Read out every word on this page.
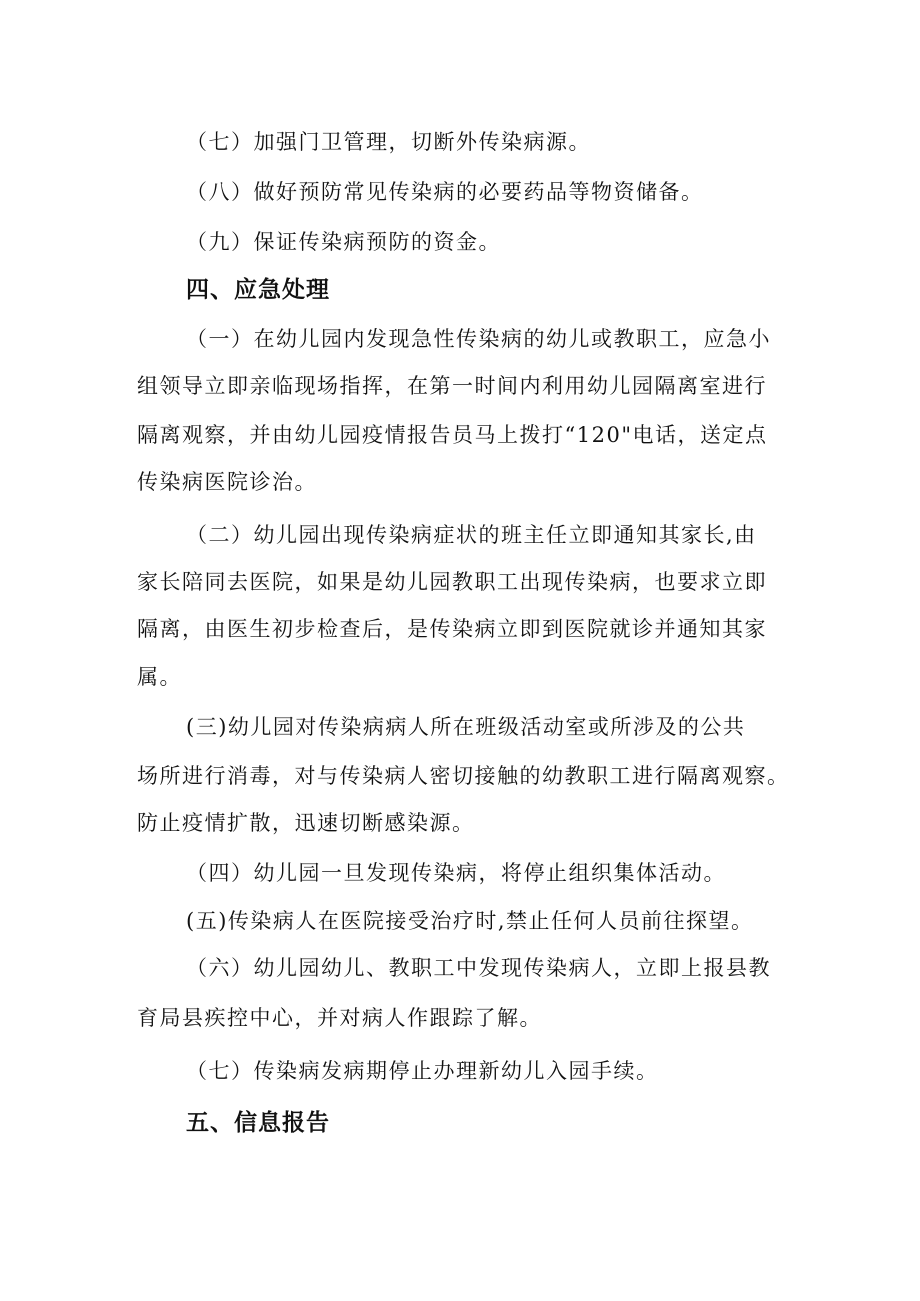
（七）加强门卫管理，切断外传染病源。
（八）做好预防常见传染病的必要药品等物资储备。
（九）保证传染病预防的资金。
四、应急处理
（一）在幼儿园内发现急性传染病的幼儿或教职工，应急小
组领导立即亲临现场指挥，在第一时间内利用幼儿园隔离室进行
隔离观察，并由幼儿园疫情报告员马上拨打“120"电话，送定点
传染病医院诊治。
（二）幼儿园出现传染病症状的班主任立即通知其家长,由
家长陪同去医院，如果是幼儿园教职工出现传染病，也要求立即
隔离，由医生初步检查后，是传染病立即到医院就诊并通知其家
属。
(三)幼儿园对传染病病人所在班级活动室或所涉及的公共
场所进行消毒，对与传染病人密切接触的幼教职工进行隔离观察。
防止疫情扩散，迅速切断感染源。
（四）幼儿园一旦发现传染病，将停止组织集体活动。
(五)传染病人在医院接受治疗时,禁止任何人员前往探望。
（六）幼儿园幼儿、教职工中发现传染病人，立即上报县教
育局县疾控中心，并对病人作跟踪了解。
（七）传染病发病期停止办理新幼儿入园手续。
五、信息报告
